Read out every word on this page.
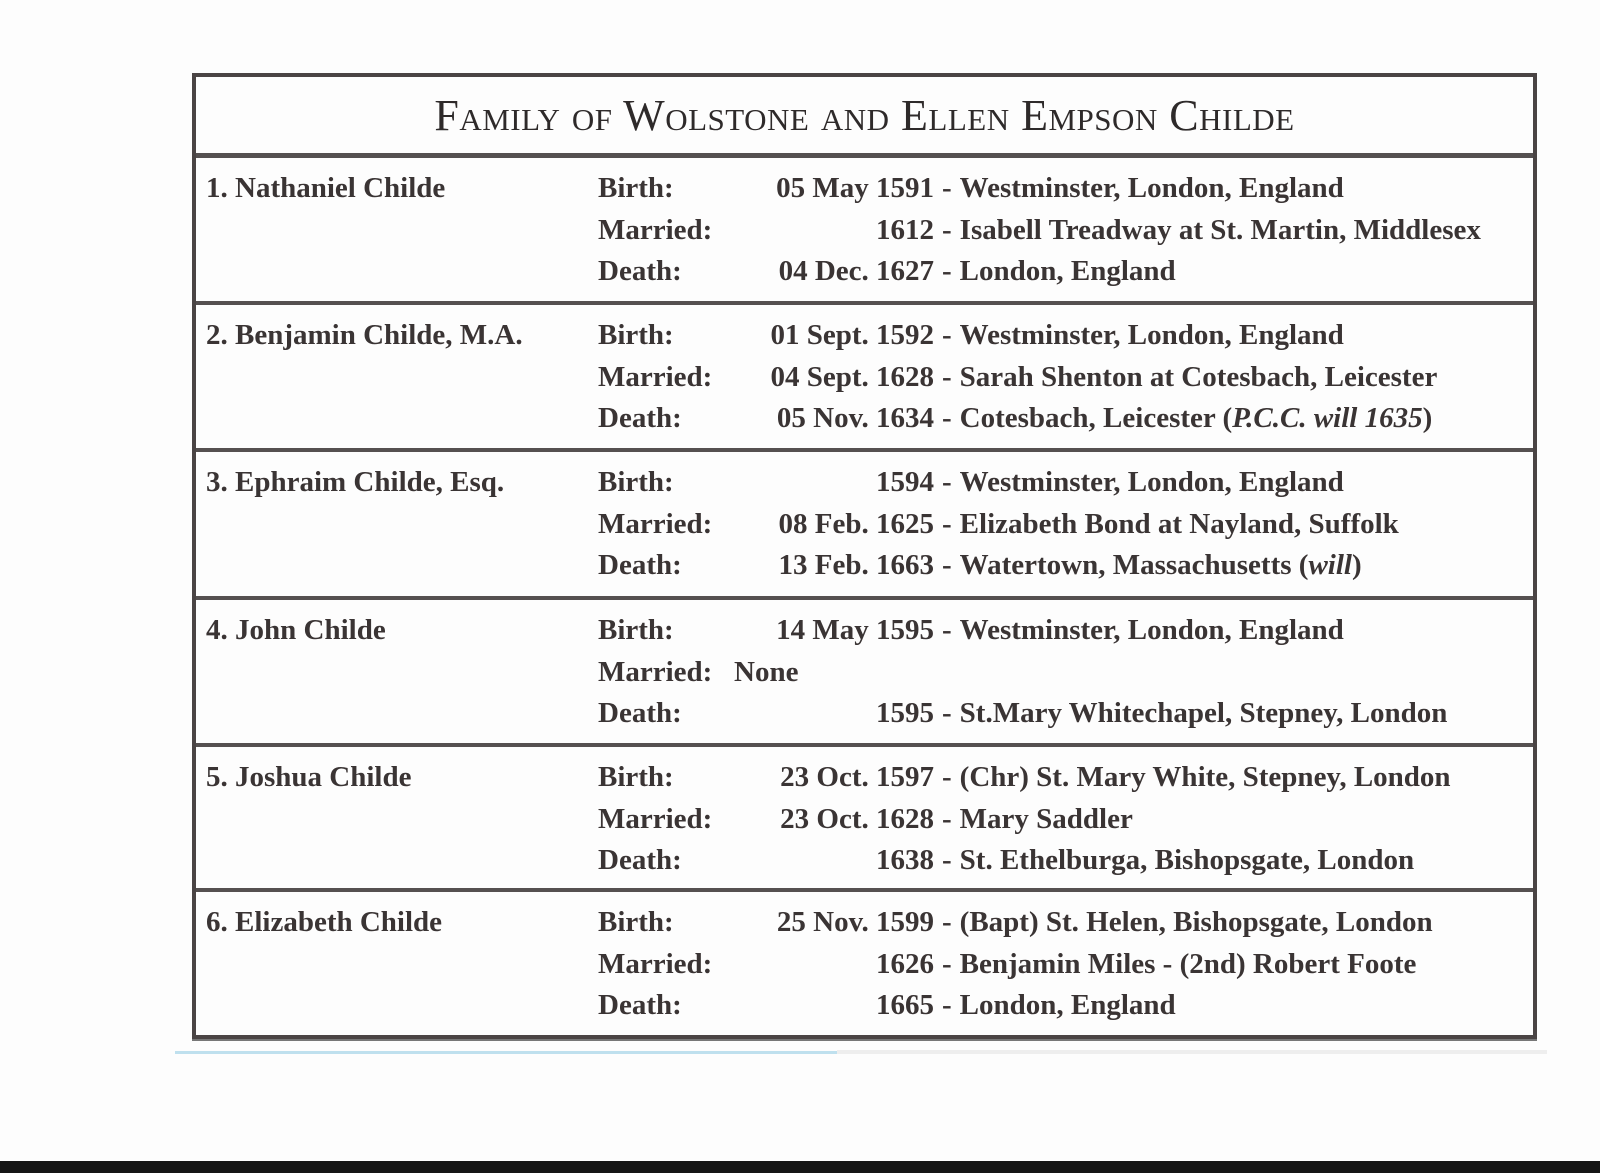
Family of Wolstone and Ellen Empson Childe
1. Nathaniel Childe	Birth:	05 May 1591 - Westminster, London, England
Married:	1612 - Isabell Treadway at St. Martin, Middlesex
Death:	04 Dec. 1627 - London, England
2. Benjamin Childe, M.A.	Birth:	01 Sept. 1592 - Westminster, London, England
Married:	04 Sept. 1628 - Sarah Shenton at Cotesbach, Leicester
Death:	05 Nov. 1634 - Cotesbach, Leicester ( P.C.C. will 1635 )
3. Ephraim Childe, Esq.	Birth:	1594 - Westminster, London, England
Married:	08 Feb. 1625 - Elizabeth Bond at Nayland, Suffolk
Death:	13 Feb. 1663 - Watertown, Massachusetts ( will )
4. John Childe	Birth:	14 May 1595 - Westminster, London, England
Married: None
Death:	1595 - St.Mary Whitechapel, Stepney, London
5. Joshua Childe	Birth:	23 Oct. 1597 - (Chr) St. Mary White, Stepney, London
Married:	23 Oct. 1628 - Mary Saddler
Death:	1638 - St. Ethelburga, Bishopsgate, London
6. Elizabeth Childe	Birth:	25 Nov. 1599 - (Bapt) St. Helen, Bishopsgate, London
Married:	1626 - Benjamin Miles - (2nd) Robert Foote
Death:	1665 - London, England
